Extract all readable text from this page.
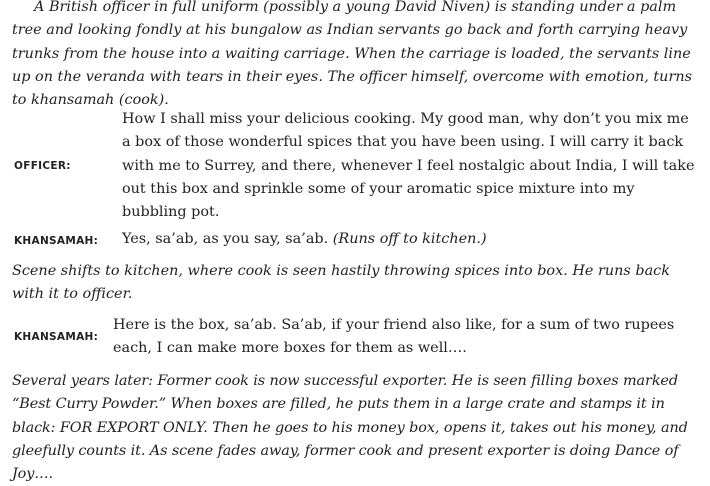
A British officer in full uniform (possibly a young David Niven) is standing under a palm tree and looking fondly at his bungalow as Indian servants go back and forth carrying heavy trunks from the house into a waiting carriage. When the carriage is loaded, the servants line up on the veranda with tears in their eyes. The officer himself, overcome with emotion, turns to khansamah (cook).

OFFICER:

How I shall miss your delicious cooking. My good man, why don’t you mix me a box of those wonderful spices that you have been using. I will carry it back with me to Surrey, and there, whenever I feel nostalgic about India, I will take out this box and sprinkle some of your aromatic spice mixture into my bubbling pot.

KHANSAMAH: Yes, sa’ab, as you say, sa’ab. (Runs off to kitchen.)

Scene shifts to kitchen, where cook is seen hastily throwing spices into box. He runs back with it to officer.

KHANSAMAH:

Here is the box, sa’ab. Sa’ab, if your friend also like, for a sum of two rupees each, I can make more boxes for them as well….

Several years later: Former cook is now successful exporter. He is seen filling boxes marked “Best Curry Powder.” When boxes are filled, he puts them in a large crate and stamps it in black: FOR EXPORT ONLY. Then he goes to his money box, opens it, takes out his money, and gleefully counts it. As scene fades away, former cook and present exporter is doing Dance of Joy….
